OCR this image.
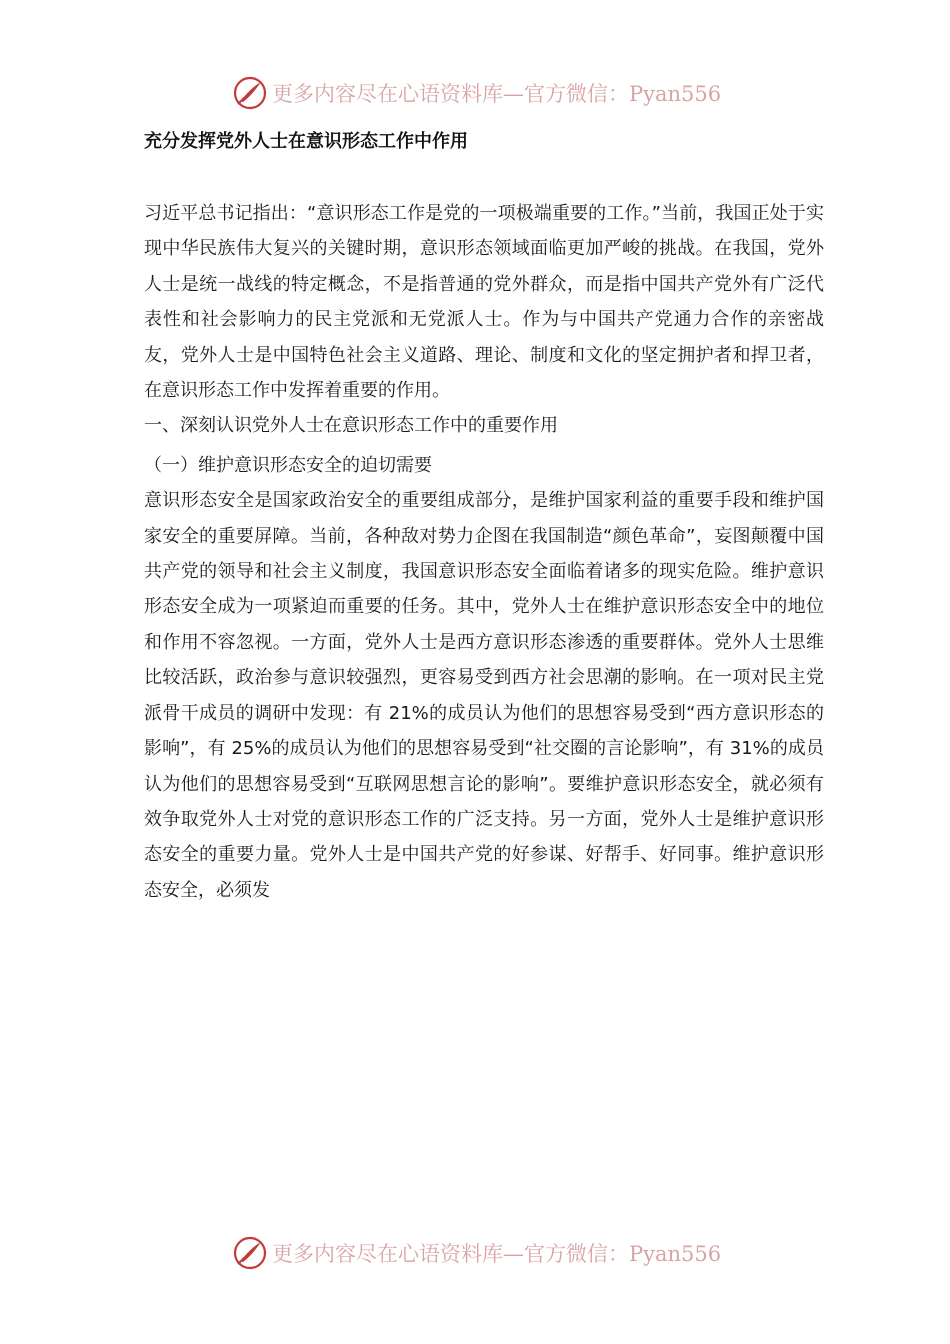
更多内容尽在心语资料库—官方微信：Pyan556

充分发挥党外人士在意识形态工作中作用

习近平总书记指出：“意识形态工作是党的一项极端重要的工作。”当前，我国正处于实现中华民族伟大复兴的关键时期，意识形态领域面临更加严峻的挑战。在我国，党外人士是统一战线的特定概念，不是指普通的党外群众，而是指中国共产党外有广泛代表性和社会影响力的民主党派和无党派人士。作为与中国共产党通力合作的亲密战友，党外人士是中国特色社会主义道路、理论、制度和文化的坚定拥护者和捍卫者，在意识形态工作中发挥着重要的作用。

一、深刻认识党外人士在意识形态工作中的重要作用

（一）维护意识形态安全的迫切需要

意识形态安全是国家政治安全的重要组成部分，是维护国家利益的重要手段和维护国家安全的重要屏障。当前，各种敌对势力企图在我国制造“颜色革命”，妄图颠覆中国共产党的领导和社会主义制度，我国意识形态安全面临着诸多的现实危险。维护意识形态安全成为一项紧迫而重要的任务。其中，党外人士在维护意识形态安全中的地位和作用不容忽视。一方面，党外人士是西方意识形态渗透的重要群体。党外人士思维比较活跃，政治参与意识较强烈，更容易受到西方社会思潮的影响。在一项对民主党派骨干成员的调研中发现：有 21%的成员认为他们的思想容易受到“西方意识形态的影响”，有 25%的成员认为他们的思想容易受到“社交圈的言论影响”，有 31%的成员认为他们的思想容易受到“互联网思想言论的影响”。要维护意识形态安全，就必须有效争取党外人士对党的意识形态工作的广泛支持。另一方面，党外人士是维护意识形态安全的重要力量。党外人士是中国共产党的好参谋、好帮手、好同事。维护意识形态安全，必须发

更多内容尽在心语资料库—官方微信：Pyan556
